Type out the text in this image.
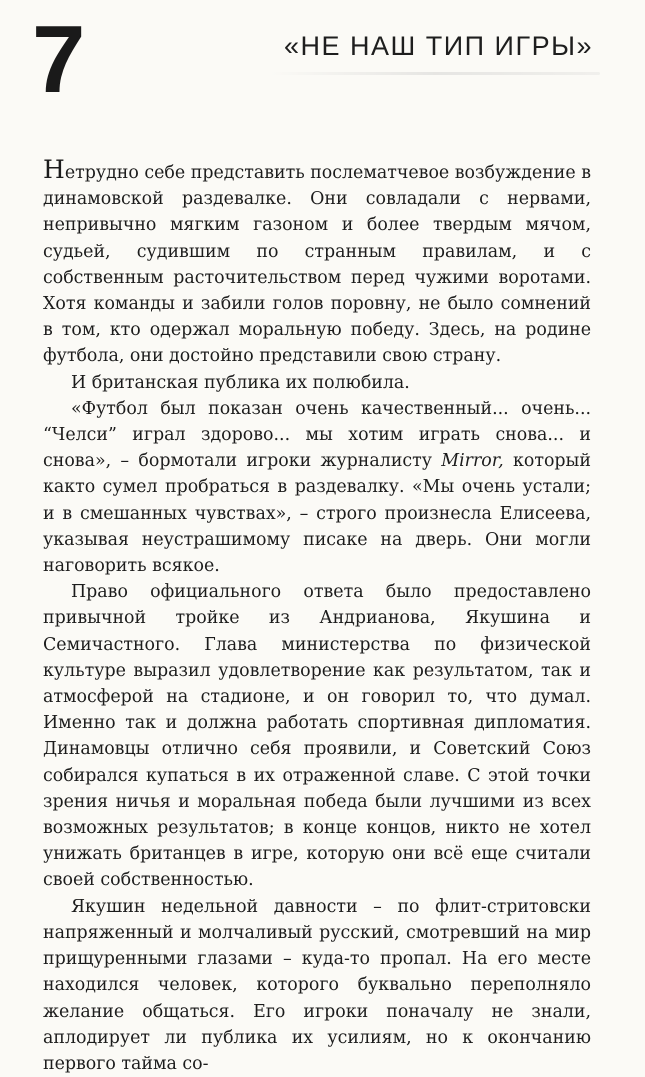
7	«НЕ НАШ ТИП ИГРЫ»

Нетрудно себе представить послематчевое возбуждение в динамовской раздевалке. Они совладали с нервами, непривычно мягким газоном и более твердым мячом, судьей, судившим по странным правилам, и с собственным расточительством перед чужими воротами. Хотя команды и забили голов поровну, не было сомнений в том, кто одержал моральную победу. Здесь, на родине футбола, они достойно представили свою страну.

И британская публика их полюбила.

«Футбол был показан очень качественный... очень... “Челси” играл здорово... мы хотим играть снова... и снова», – бормотали игроки журналисту Mirror, который както сумел пробраться в раздевалку. «Мы очень устали; и в смешанных чувствах», – строго произнесла Елисеева, указывая неустрашимому писаке на дверь. Они могли наговорить всякое.

Право официального ответа было предоставлено привычной тройке из Андрианова, Якушина и Семичастного. Глава министерства по физической культуре выразил удовлетворение как результатом, так и атмосферой на стадионе, и он говорил то, что думал. Именно так и должна работать спортивная дипломатия. Динамовцы отлично себя проявили, и Советский Союз собирался купаться в их отраженной славе. С этой точки зрения ничья и моральная победа были лучшими из всех возможных результатов; в конце концов, никто не хотел унижать британцев в игре, которую они всё еще считали своей собственностью.

Якушин недельной давности – по флит-стритовски напряженный и молчаливый русский, смотревший на мир прищуренными глазами – куда-то пропал. На его месте находился человек, которого буквально переполняло желание общаться. Его игроки поначалу не знали, аплодирует ли публика их усилиям, но к окончанию первого тайма со-
